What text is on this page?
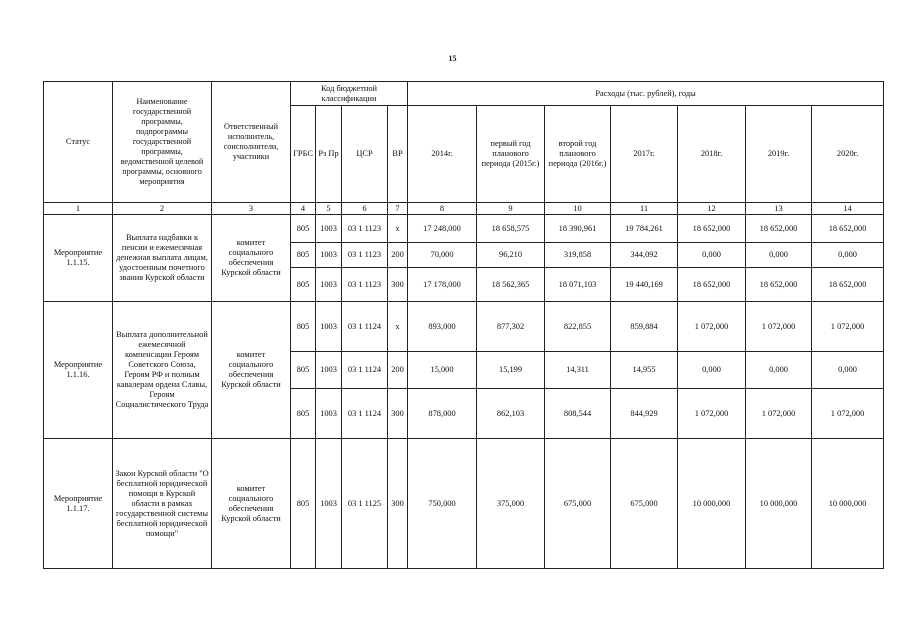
15
Статус	Наименование государственной программы, подпрограммы государственной программы, ведомственной целевой программы, основного мероприятия	Ответственный исполнитель, соисполнители, участники	Код бюджетной классификации				Расходы (тыс. рублей), годы						
			ГРБС	Рз Пр	ЦСР	ВР	2014г.	первый год планового периода (2015г.)	второй год планового периода (2016г.)	2017г.	2018г.	2019г.	2020г.
1	2	3	4	5	6	7	8	9	10	11	12	13	14
Мероприятие 1.1.15.	Выплата надбавки к пенсии и ежемесячная денежная выплата лицам, удостоенным почетного звания Курской области	комитет социального обеспечения Курской области	805	1003	03 1 1123	х	17 248,000	18 658,575	18 390,961	19 784,261	18 652,000	18 652,000	18 652,000
			805	1003	03 1 1123	200	70,000	96,210	319,858	344,092	0,000	0,000	0,000
			805	1003	03 1 1123	300	17 178,000	18 562,365	18 071,103	19 440,169	18 652,000	18 652,000	18 652,000
Мероприятие 1.1.16.	Выплата дополнительной ежемесячной компенсации Героям Советского Союза, Героям РФ и полным кавалерам ордена Славы, Героям Социалистического Труда	комитет социального обеспечения Курской области	805	1003	03 1 1124	х	893,000	877,302	822,855	859,884	1 072,000	1 072,000	1 072,000
			805	1003	03 1 1124	200	15,000	15,199	14,311	14,955	0,000	0,000	0,000
			805	1003	03 1 1124	300	878,000	862,103	808,544	844,929	1 072,000	1 072,000	1 072,000
Мероприятие 1.1.17.	Закон Курской области "О бесплатной юридической помощи в Курской области в рамках государственной системы бесплатной юридической помощи"	комитет социального обеспечения Курской области	805	1003	03 1 1125	300	750,000	375,000	675,000	675,000	10 000,000	10 000,000	10 000,000
